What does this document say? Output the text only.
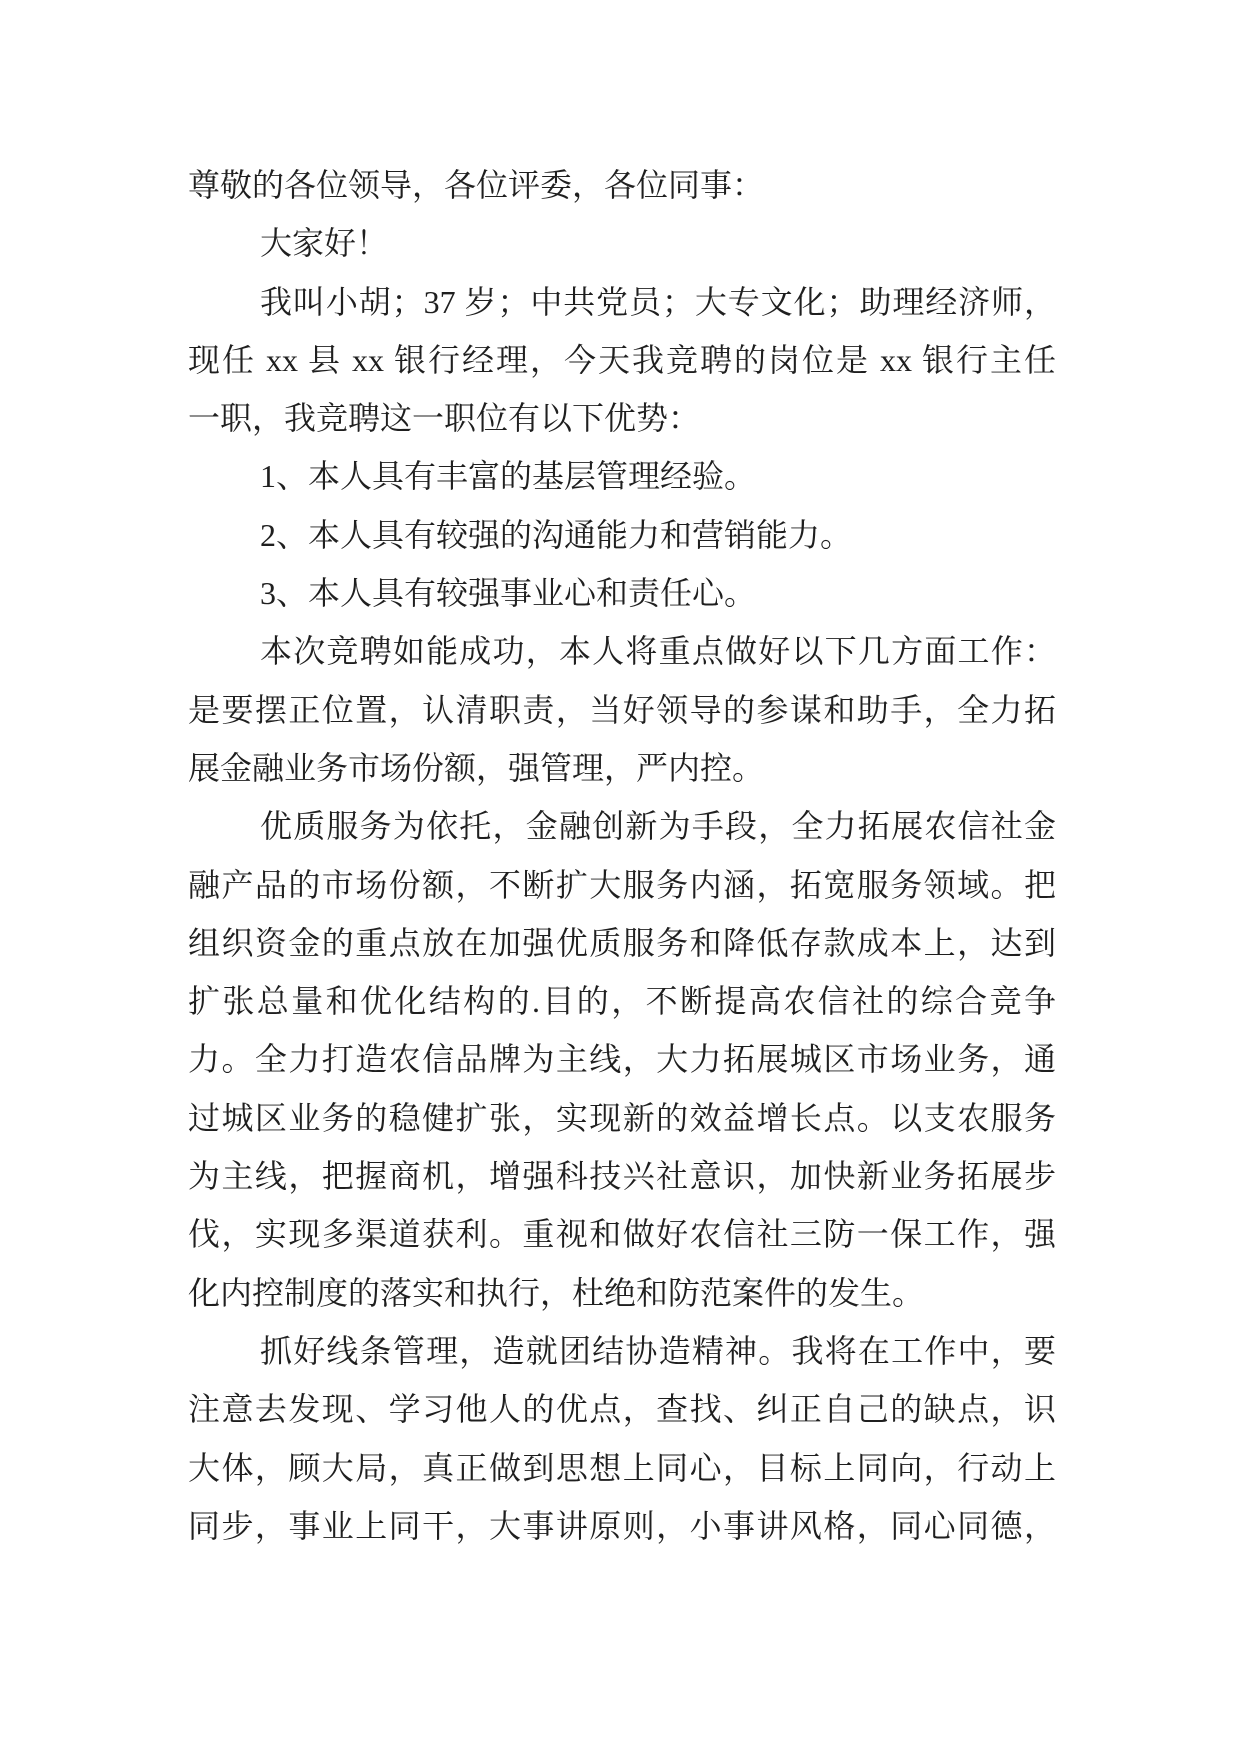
尊敬的各位领导，各位评委，各位同事：
大家好！
我叫小胡；37 岁；中共党员；大专文化；助理经济师，
现任 xx 县 xx 银行经理，今天我竞聘的岗位是 xx 银行主任
一职，我竞聘这一职位有以下优势：
1、本人具有丰富的基层管理经验。
2、本人具有较强的沟通能力和营销能力。
3、本人具有较强事业心和责任心。
本次竞聘如能成功，本人将重点做好以下几方面工作：
是要摆正位置，认清职责，当好领导的参谋和助手，全力拓
展金融业务市场份额，强管理，严内控。
优质服务为依托，金融创新为手段，全力拓展农信社金
融产品的市场份额，不断扩大服务内涵，拓宽服务领域。把
组织资金的重点放在加强优质服务和降低存款成本上，达到
扩张总量和优化结构的.目的，不断提高农信社的综合竞争
力。全力打造农信品牌为主线，大力拓展城区市场业务，通
过城区业务的稳健扩张，实现新的效益增长点。以支农服务
为主线，把握商机，增强科技兴社意识，加快新业务拓展步
伐，实现多渠道获利。重视和做好农信社三防一保工作，强
化内控制度的落实和执行，杜绝和防范案件的发生。
抓好线条管理，造就团结协造精神。我将在工作中，要
注意去发现、学习他人的优点，查找、纠正自己的缺点，识
大体，顾大局，真正做到思想上同心，目标上同向，行动上
同步，事业上同干，大事讲原则，小事讲风格，同心同德，
